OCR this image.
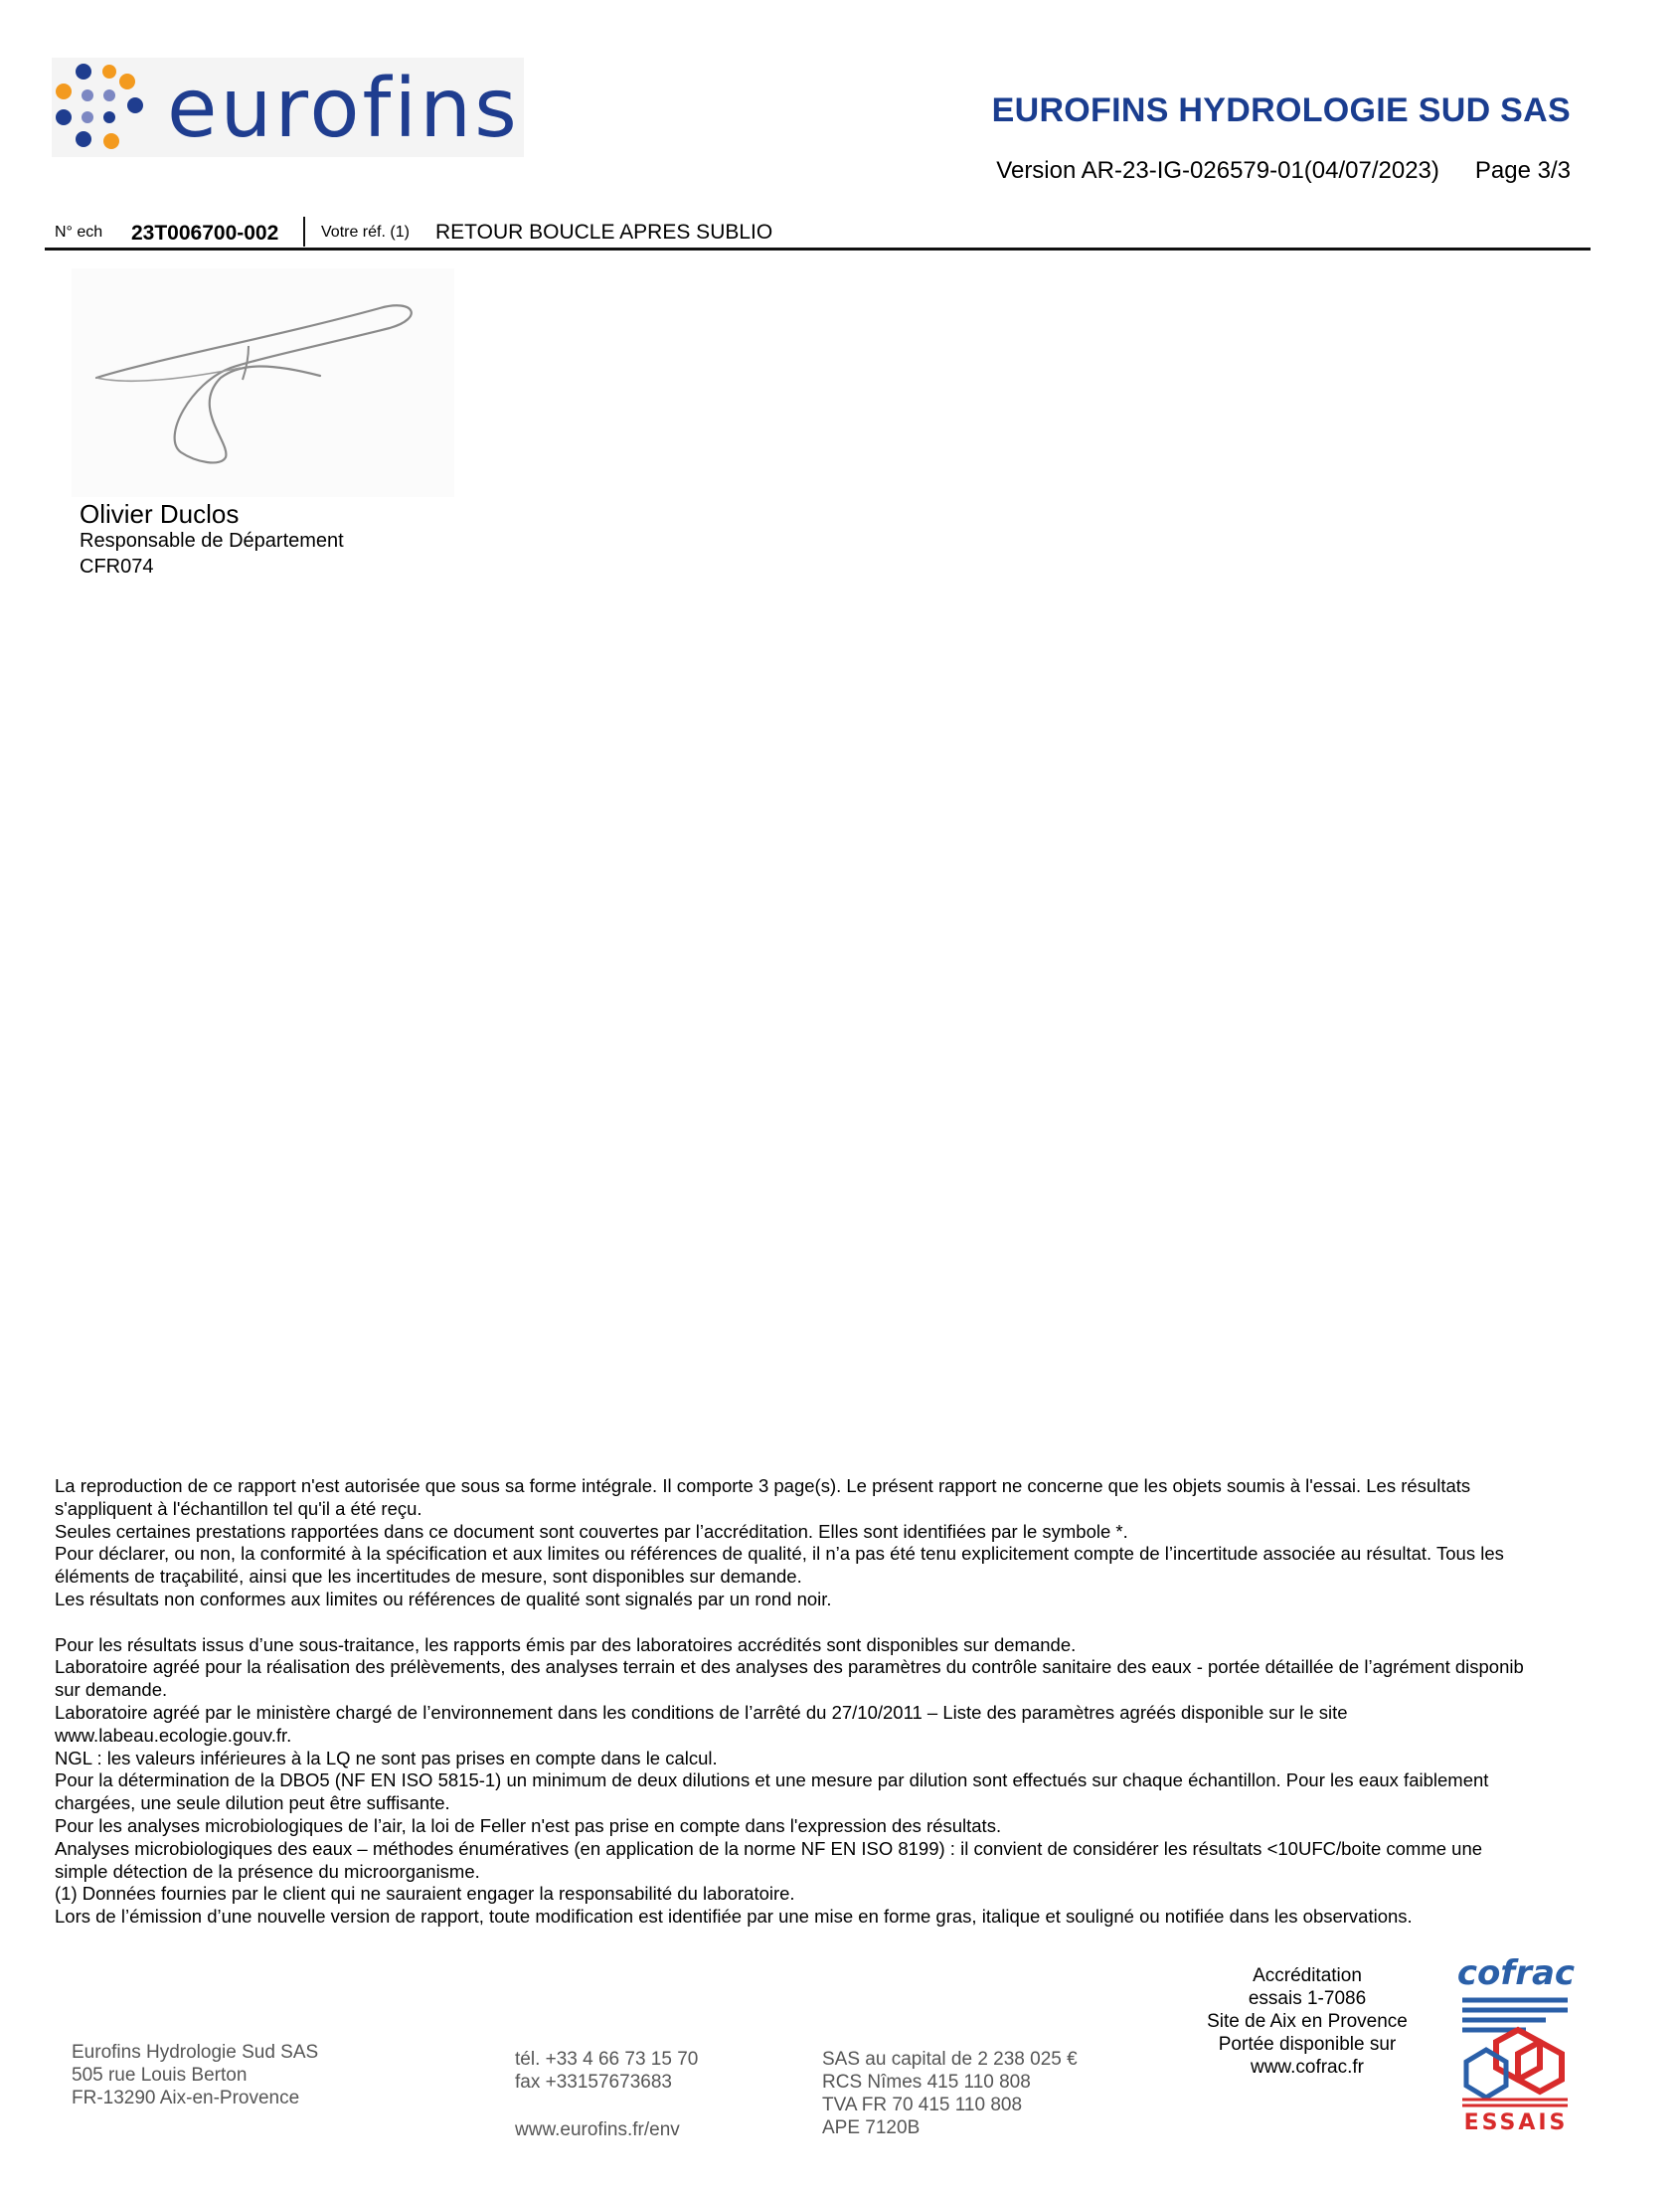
eurofins	EUROFINS HYDROLOGIE SUD SAS
Version AR-23-IG-026579-01(04/07/2023) Page 3/3
N° ech 23T006700-002	Votre réf. (1) RETOUR BOUCLE APRES SUBLIO
Olivier Duclos
Responsable de Département
CFR074

La reproduction de ce rapport n'est autorisée que sous sa forme intégrale. Il comporte 3 page(s). Le présent rapport ne concerne que les objets soumis à l'essai. Les résultats

s'appliquent à l'échantillon tel qu'il a été reçu.

Seules certaines prestations rapportées dans ce document sont couvertes par l’accréditation. Elles sont identifiées par le symbole *.

Pour déclarer, ou non, la conformité à la spécification et aux limites ou références de qualité, il n’a pas été tenu explicitement compte de l’incertitude associée au résultat. Tous les

éléments de traçabilité, ainsi que les incertitudes de mesure, sont disponibles sur demande.

Les résultats non conformes aux limites ou références de qualité sont signalés par un rond noir.

Pour les résultats issus d’une sous-traitance, les rapports émis par des laboratoires accrédités sont disponibles sur demande.

Laboratoire agréé pour la réalisation des prélèvements, des analyses terrain et des analyses des paramètres du contrôle sanitaire des eaux - portée détaillée de l’agrément disponib

sur demande.

Laboratoire agréé par le ministère chargé de l’environnement dans les conditions de l’arrêté du 27/10/2011 – Liste des paramètres agréés disponible sur le site

www.labeau.ecologie.gouv.fr.

NGL : les valeurs inférieures à la LQ ne sont pas prises en compte dans le calcul.

Pour la détermination de la DBO5 (NF EN ISO 5815-1) un minimum de deux dilutions et une mesure par dilution sont effectués sur chaque échantillon. Pour les eaux faiblement

chargées, une seule dilution peut être suffisante.

Pour les analyses microbiologiques de l’air, la loi de Feller n'est pas prise en compte dans l'expression des résultats.

Analyses microbiologiques des eaux – méthodes énumératives (en application de la norme NF EN ISO 8199) : il convient de considérer les résultats <10UFC/boite comme une

simple détection de la présence du microorganisme.

(1) Données fournies par le client qui ne sauraient engager la responsabilité du laboratoire.

Lors de l’émission d’une nouvelle version de rapport, toute modification est identifiée par une mise en forme gras, italique et souligné ou notifiée dans les observations.

Eurofins Hydrologie Sud SAS
505 rue Louis Berton
FR-13290 Aix-en-Provence
tél. +33 4 66 73 15 70
fax +33157673683
www.eurofins.fr/env
SAS au capital de 2 238 025 €
RCS Nîmes 415 110 808
TVA FR 70 415 110 808
APE 7120B
Accréditation
essais 1-7086
Site de Aix en Provence
Portée disponible sur
www.cofrac.fr
cofrac
ESSAIS
